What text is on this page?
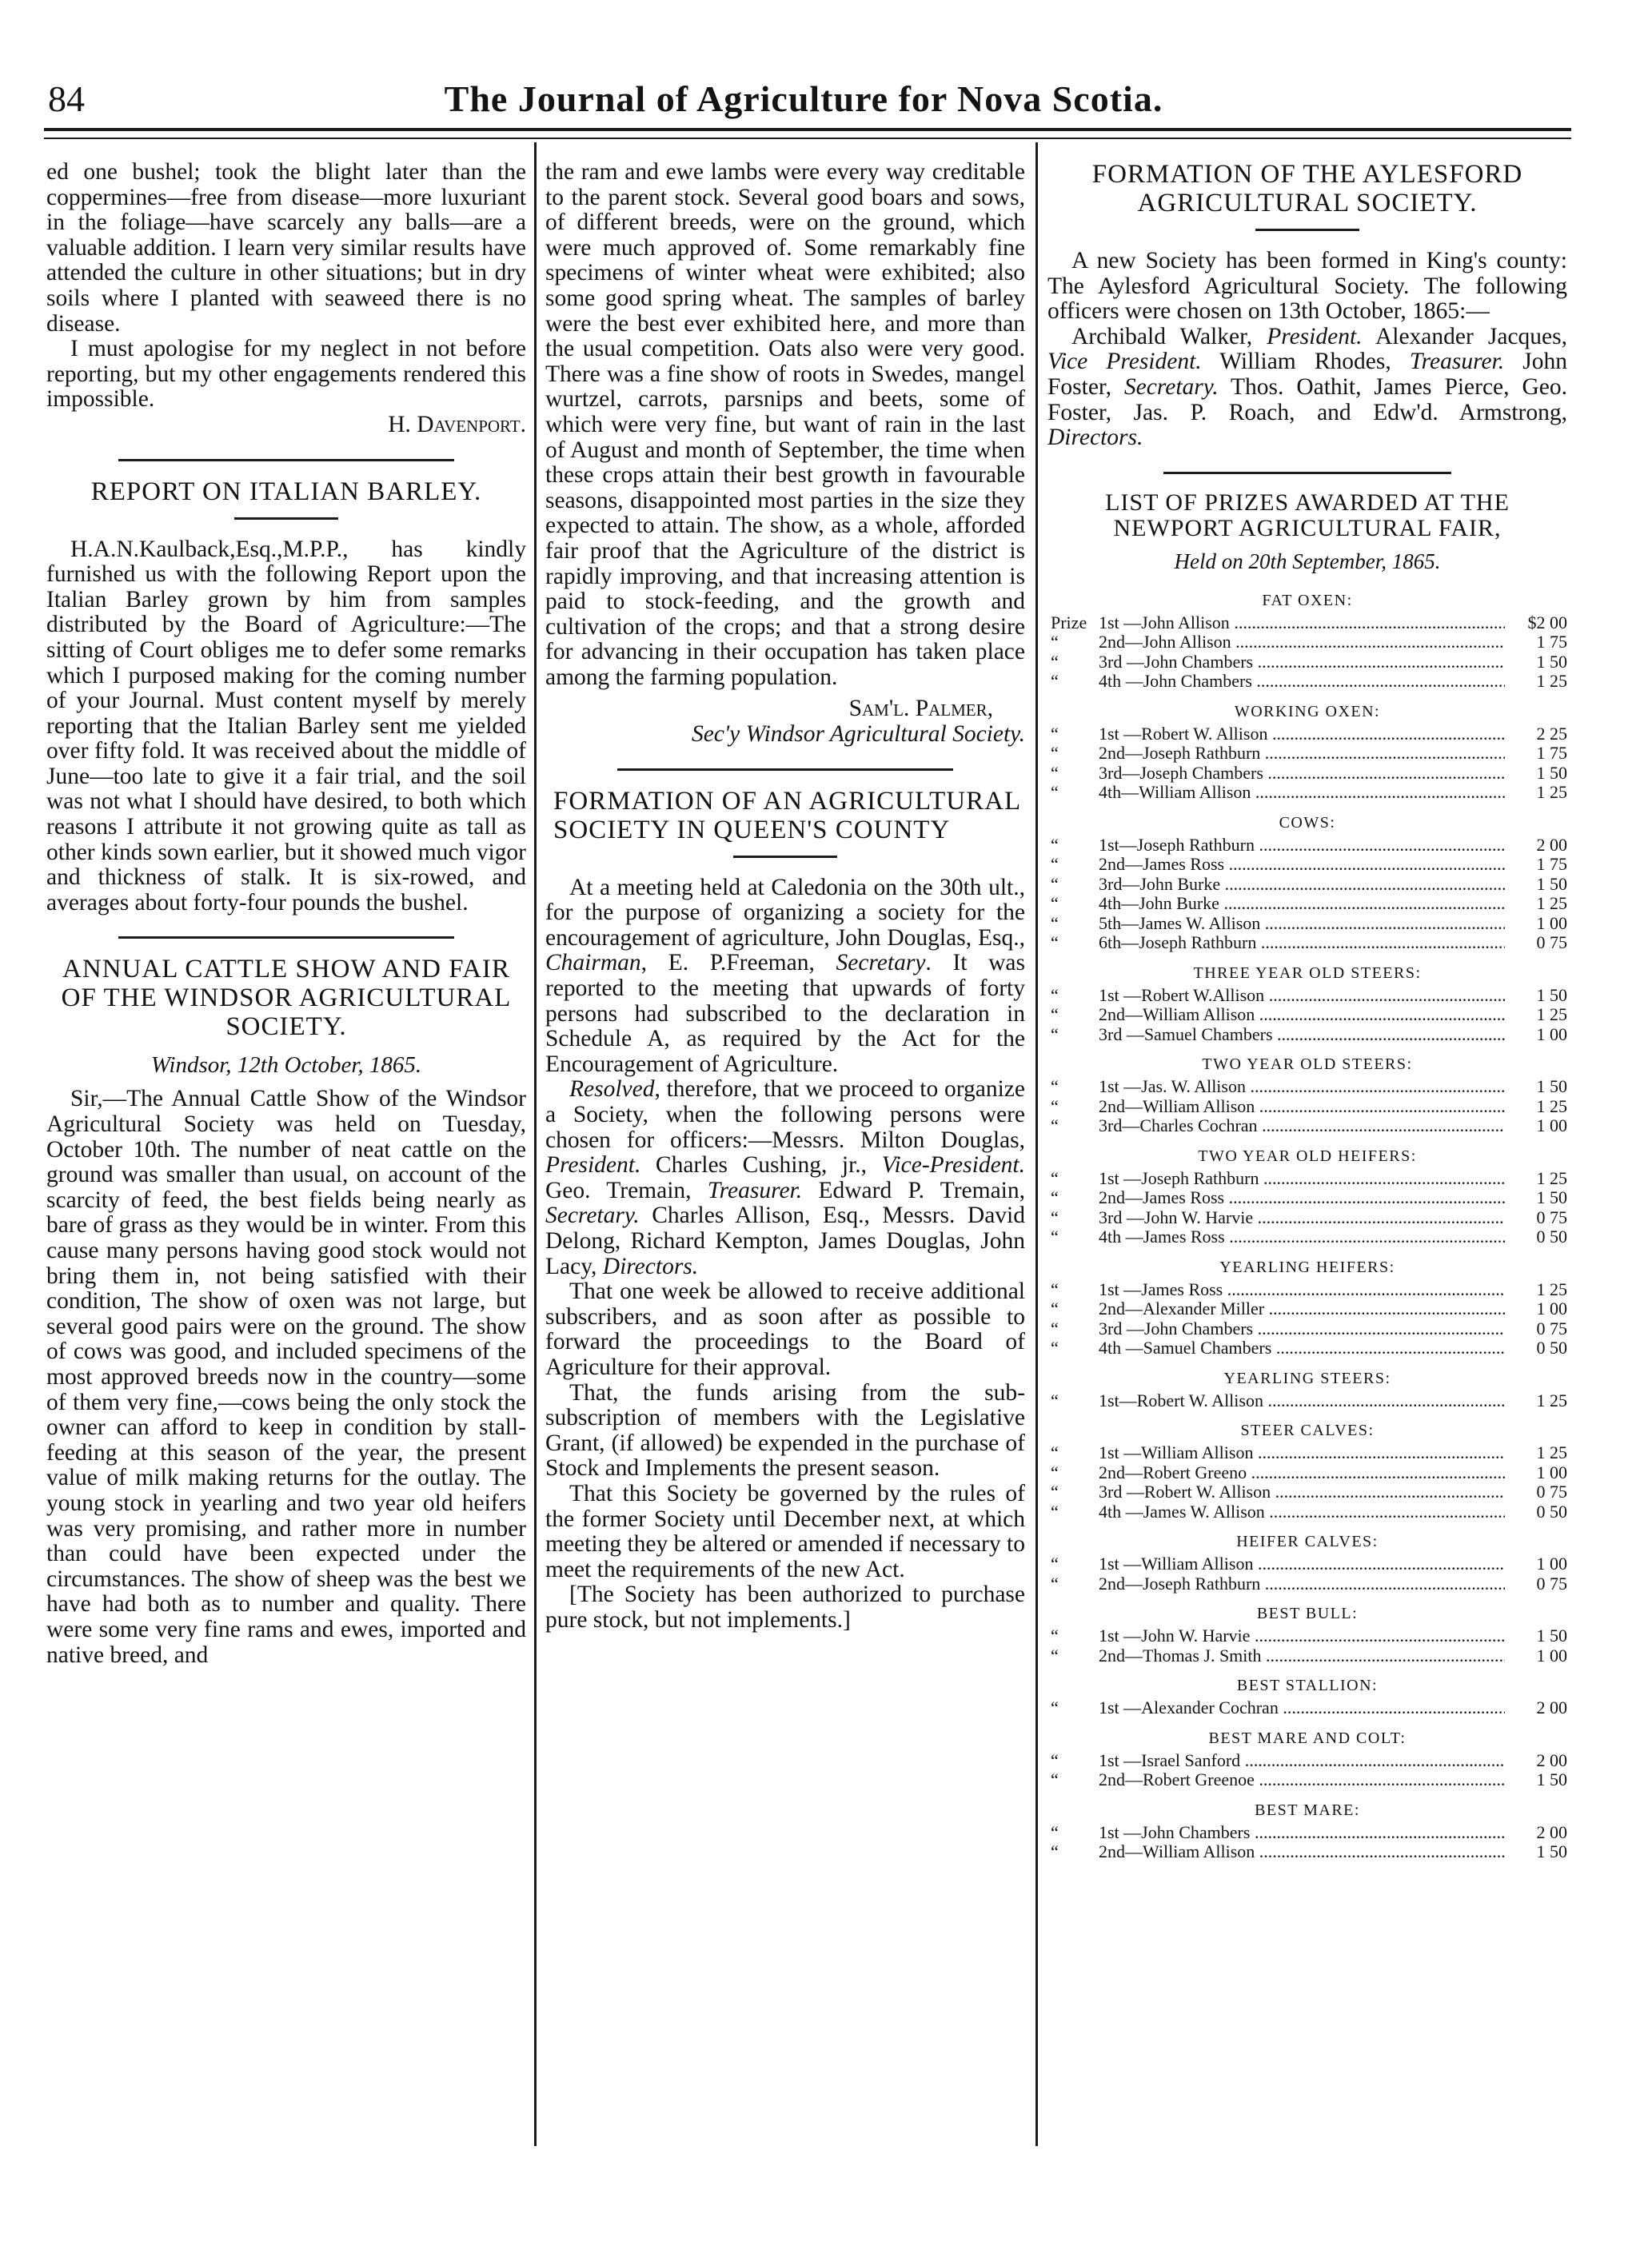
84	The Journal of Agriculture for Nova Scotia.

ed one bushel; took the blight later than the coppermines—free from disease—more luxuriant in the foliage—have scarcely any balls—are a valuable addition. I learn very similar results have attended the culture in other situations; but in dry soils where I planted with seaweed there is no disease.

I must apologise for my neglect in not before reporting, but my other engagements rendered this impossible.

H. Davenport.

REPORT ON ITALIAN BARLEY.

H.A.N.Kaulback,Esq.,M.P.P., has kindly furnished us with the following Report upon the Italian Barley grown by him from samples distributed by the Board of Agriculture:—The sitting of Court obliges me to defer some remarks which I purposed making for the coming number of your Journal. Must content myself by merely reporting that the Italian Barley sent me yielded over fifty fold. It was received about the middle of June—too late to give it a fair trial, and the soil was not what I should have desired, to both which reasons I attribute it not growing quite as tall as other kinds sown earlier, but it showed much vigor and thickness of stalk. It is six-rowed, and averages about forty-four pounds the bushel.

ANNUAL CATTLE SHOW AND FAIR OF THE WINDSOR AGRICULTURAL SOCIETY.
Windsor, 12th October, 1865.

Sir,—The Annual Cattle Show of the Windsor Agricultural Society was held on Tuesday, October 10th. The number of neat cattle on the ground was smaller than usual, on account of the scarcity of feed, the best fields being nearly as bare of grass as they would be in winter. From this cause many persons having good stock would not bring them in, not being satisfied with their condition, The show of oxen was not large, but several good pairs were on the ground. The show of cows was good, and included specimens of the most approved breeds now in the country—some of them very fine,—cows being the only stock the owner can afford to keep in condition by stall-feeding at this season of the year, the present value of milk making returns for the outlay. The young stock in yearling and two year old heifers was very promising, and rather more in number than could have been expected under the circumstances. The show of sheep was the best we have had both as to number and quality. There were some very fine rams and ewes, imported and native breed, and

the ram and ewe lambs were every way creditable to the parent stock. Several good boars and sows, of different breeds, were on the ground, which were much approved of. Some remarkably fine specimens of winter wheat were exhibited; also some good spring wheat. The samples of barley were the best ever exhibited here, and more than the usual competition. Oats also were very good. There was a fine show of roots in Swedes, mangel wurtzel, carrots, parsnips and beets, some of which were very fine, but want of rain in the last of August and month of September, the time when these crops attain their best growth in favourable seasons, disappointed most parties in the size they expected to attain. The show, as a whole, afforded fair proof that the Agriculture of the district is rapidly improving, and that increasing attention is paid to stock-feeding, and the growth and cultivation of the crops; and that a strong desire for advancing in their occupation has taken place among the farming population.

Sam'l. Palmer,

Sec'y Windsor Agricultural Society.

FORMATION OF AN AGRICULTURAL SOCIETY IN QUEEN'S COUNTY

At a meeting held at Caledonia on the 30th ult., for the purpose of organizing a society for the encouragement of agriculture, John Douglas, Esq., Chairman, E. P.Freeman, Secretary. It was reported to the meeting that upwards of forty persons had subscribed to the declaration in Schedule A, as required by the Act for the Encouragement of Agriculture.

Resolved, therefore, that we proceed to organize a Society, when the following persons were chosen for officers:—Messrs. Milton Douglas, President. Charles Cushing, jr., Vice-President. Geo. Tremain, Treasurer. Edward P. Tremain, Secretary. Charles Allison, Esq., Messrs. David Delong, Richard Kempton, James Douglas, John Lacy, Directors.

That one week be allowed to receive additional subscribers, and as soon after as possible to forward the proceedings to the Board of Agriculture for their approval.

That, the funds arising from the sub-subscription of members with the Legislative Grant, (if allowed) be expended in the purchase of Stock and Implements the present season.

That this Society be governed by the rules of the former Society until December next, at which meeting they be altered or amended if necessary to meet the requirements of the new Act.

[The Society has been authorized to purchase pure stock, but not implements.]

FORMATION OF THE AYLESFORD AGRICULTURAL SOCIETY.

A new Society has been formed in King's county: The Aylesford Agricultural Society. The following officers were chosen on 13th October, 1865:—

Archibald Walker, President. Alexander Jacques, Vice President. William Rhodes, Treasurer. John Foster, Secretary. Thos. Oathit, James Pierce, Geo. Foster, Jas. P. Roach, and Edw'd. Armstrong, Directors.

LIST OF PRIZES AWARDED AT THE NEWPORT AGRICULTURAL FAIR,
Held on 20th September, 1865.
FAT OXEN:
Prize 1st —John Allison .....	$2 00
“	2nd—John Allison .....	1 75
“	3rd —John Chambers .....	1 50
“	4th —John Chambers .....	1 25
WORKING OXEN:
“	1st —Robert W. Allison .....	2 25
“	2nd—Joseph Rathburn .....	1 75
“	3rd—Joseph Chambers .....	1 50
“	4th—William Allison .....	1 25
COWS:
“	1st—Joseph Rathburn .....	2 00
“	2nd—James Ross .....	1 75
“	3rd—John Burke .....	1 50
“	4th—John Burke .....	1 25
“	5th—James W. Allison .....	1 00
“	6th—Joseph Rathburn .....	0 75
THREE YEAR OLD STEERS:
“	1st —Robert W.Allison .....	1 50
“	2nd—William Allison .....	1 25
“	3rd —Samuel Chambers .....	1 00
TWO YEAR OLD STEERS:
“	1st —Jas. W. Allison .....	1 50
“	2nd—William Allison .....	1 25
“	3rd—Charles Cochran .....	1 00
TWO YEAR OLD HEIFERS:
“	1st —Joseph Rathburn .....	1 25
“	2nd—James Ross .....	1 50
“	3rd —John W. Harvie .....	0 75
“	4th —James Ross .....	0 50
YEARLING HEIFERS:
“	1st —James Ross .....	1 25
“	2nd—Alexander Miller .....	1 00
“	3rd —John Chambers .....	0 75
“	4th —Samuel Chambers .....	0 50
YEARLING STEERS:
“	1st—Robert W. Allison .....	1 25
STEER CALVES:
“	1st —William Allison .....	1 25
“	2nd—Robert Greeno .....	1 00
“	3rd —Robert W. Allison .....	0 75
“	4th —James W. Allison .....	0 50
HEIFER CALVES:
“	1st —William Allison .....	1 00
“	2nd—Joseph Rathburn .....	0 75
BEST BULL:
“	1st —John W. Harvie .....	1 50
“	2nd—Thomas J. Smith .....	1 00
BEST STALLION:
“	1st —Alexander Cochran .....	2 00
BEST MARE AND COLT:
“	1st —Israel Sanford .....	2 00
“	2nd—Robert Greenoe .....	1 50
BEST MARE:
“	1st —John Chambers .....	2 00
“	2nd—William Allison .....	1 50
